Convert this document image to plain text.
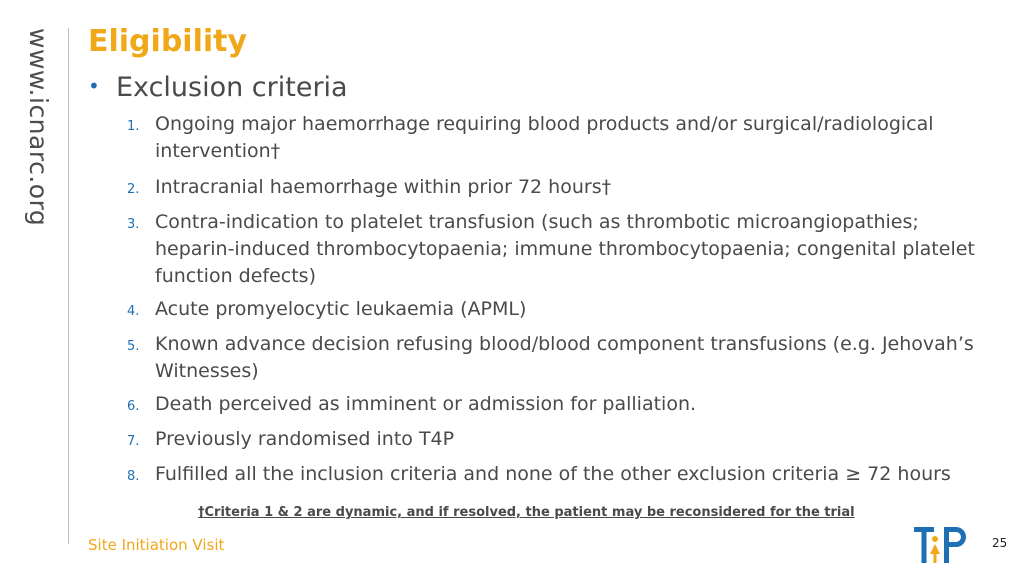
www.icnarc.org Eligibility
• Exclusion criteria
1. Ongoing major haemorrhage requiring blood products and/or surgical/radiological intervention†
2. Intracranial haemorrhage within prior 72 hours†
3. Contra-indication to platelet transfusion (such as thrombotic microangiopathies; heparin-induced thrombocytopaenia; immune thrombocytopaenia; congenital platelet function defects)
4. Acute promyelocytic leukaemia (APML)
5. Known advance decision refusing blood/blood component transfusions (e.g. Jehovah’s Witnesses)
6. Death perceived as imminent or admission for palliation.
7. Previously randomised into T4P
8. Fulfilled all the inclusion criteria and none of the other exclusion criteria ≥ 72 hours
†Criteria 1 & 2 are dynamic, and if resolved, the patient may be reconsidered for the trial
Site Initiation Visit	25
